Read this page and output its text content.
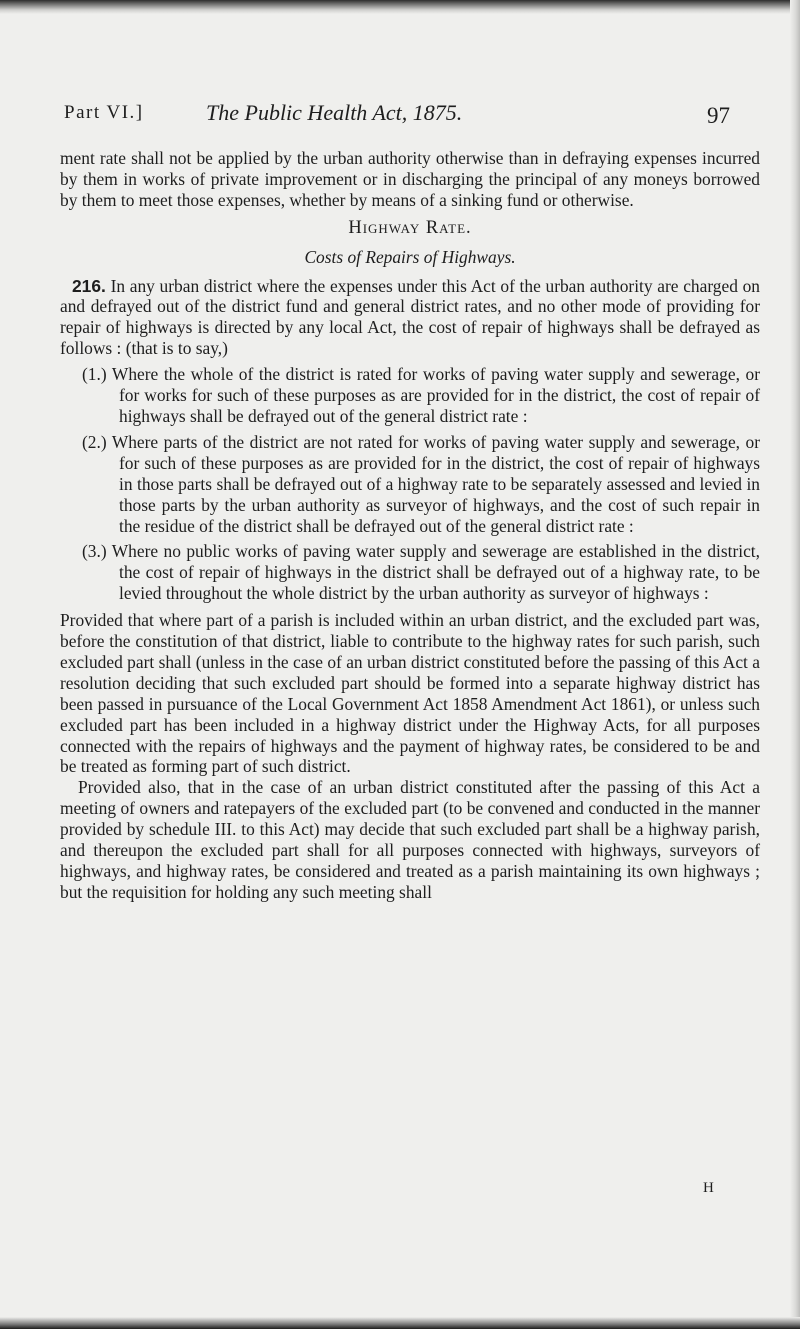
Part VI.]	The Public Health Act, 1875.	97

ment rate shall not be applied by the urban authority otherwise than in defraying expenses incurred by them in works of private improvement or in discharging the principal of any moneys borrowed by them to meet those expenses, whether by means of a sinking fund or otherwise.

Highway Rate.
Costs of Repairs of Highways.

216. In any urban district where the expenses under this Act of the urban authority are charged on and defrayed out of the district fund and general district rates, and no other mode of providing for repair of highways is directed by any local Act, the cost of repair of highways shall be defrayed as follows : (that is to say,)

(1.) Where the whole of the district is rated for works of paving water supply and sewerage, or for works for such of these purposes as are provided for in the district, the cost of repair of highways shall be defrayed out of the general district rate :

(2.) Where parts of the district are not rated for works of paving water supply and sewerage, or for such of these purposes as are provided for in the district, the cost of repair of highways in those parts shall be defrayed out of a highway rate to be separately assessed and levied in those parts by the urban authority as surveyor of highways, and the cost of such repair in the residue of the district shall be defrayed out of the general district rate :

(3.) Where no public works of paving water supply and sewerage are established in the district, the cost of repair of highways in the district shall be defrayed out of a highway rate, to be levied throughout the whole district by the urban authority as surveyor of highways :

Provided that where part of a parish is included within an urban district, and the excluded part was, before the constitution of that district, liable to contribute to the highway rates for such parish, such excluded part shall (unless in the case of an urban district constituted before the passing of this Act a resolution deciding that such excluded part should be formed into a separate highway district has been passed in pursuance of the Local Government Act 1858 Amendment Act 1861), or unless such excluded part has been included in a highway district under the Highway Acts, for all purposes connected with the repairs of highways and the payment of highway rates, be considered to be and be treated as forming part of such district.

Provided also, that in the case of an urban district constituted after the passing of this Act a meeting of owners and ratepayers of the excluded part (to be convened and conducted in the manner provided by schedule III. to this Act) may decide that such excluded part shall be a highway parish, and thereupon the excluded part shall for all purposes connected with highways, surveyors of highways, and highway rates, be considered and treated as a parish maintaining its own highways ; but the requisition for holding any such meeting shall

H
